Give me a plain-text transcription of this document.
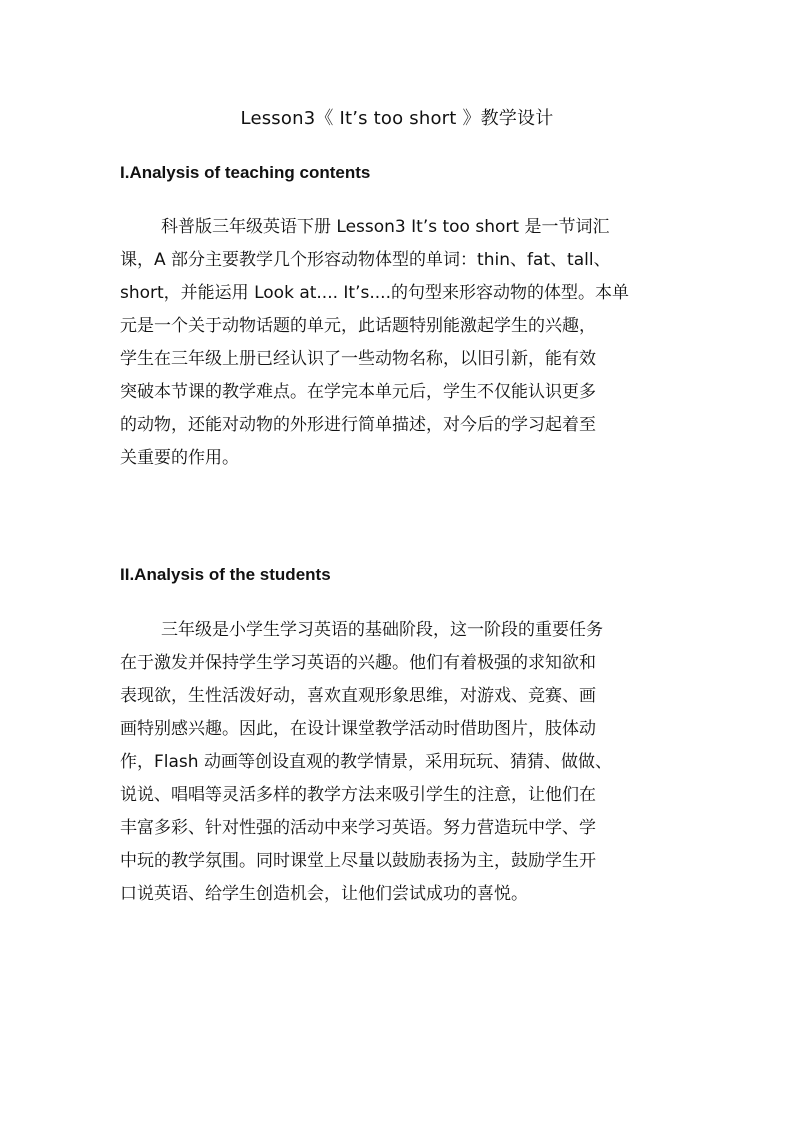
Lesson3《 It’s too short 》教学设计
I.Analysis of teaching contents
科普版三年级英语下册 Lesson3 It’s too short 是一节词汇
课，A 部分主要教学几个形容动物体型的单词：thin、fat、tall、
short，并能运用 Look at.... It’s....的句型来形容动物的体型。本单
元是一个关于动物话题的单元，此话题特别能激起学生的兴趣，
学生在三年级上册已经认识了一些动物名称，以旧引新，能有效
突破本节课的教学难点。在学完本单元后，学生不仅能认识更多
的动物，还能对动物的外形进行简单描述，对今后的学习起着至
关重要的作用。
II.Analysis of the students
三年级是小学生学习英语的基础阶段，这一阶段的重要任务
在于激发并保持学生学习英语的兴趣。他们有着极强的求知欲和
表现欲，生性活泼好动，喜欢直观形象思维，对游戏、竞赛、画
画特别感兴趣。因此，在设计课堂教学活动时借助图片，肢体动
作，Flash 动画等创设直观的教学情景，采用玩玩、猜猜、做做、
说说、唱唱等灵活多样的教学方法来吸引学生的注意，让他们在
丰富多彩、针对性强的活动中来学习英语。努力营造玩中学、学
中玩的教学氛围。同时课堂上尽量以鼓励表扬为主，鼓励学生开
口说英语、给学生创造机会，让他们尝试成功的喜悦。
